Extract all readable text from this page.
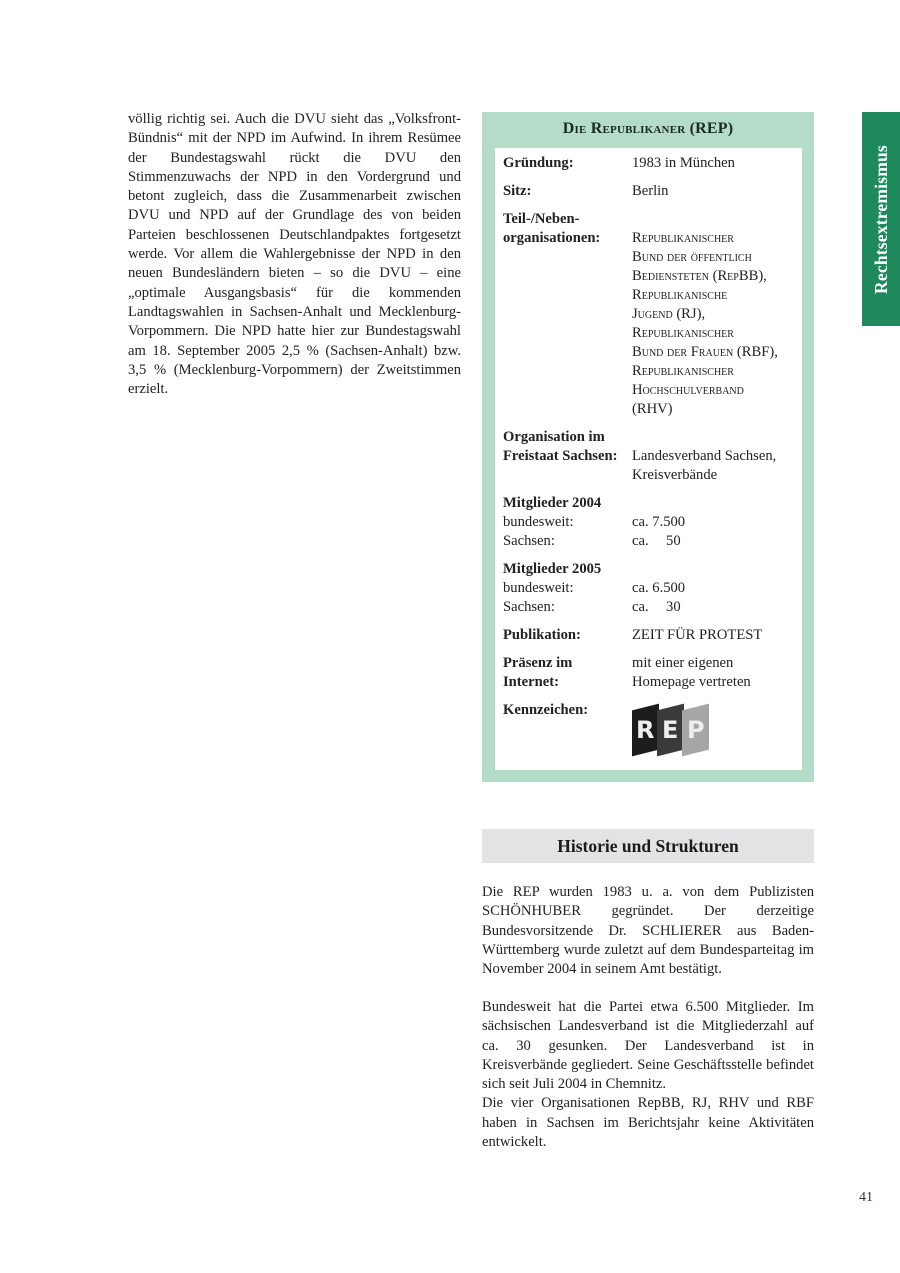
völlig richtig sei. Auch die DVU sieht das „Volksfront-Bündnis“ mit der NPD im Aufwind. In ihrem Resümee der Bundestagswahl rückt die DVU den Stimmenzuwachs der NPD in den Vordergrund und betont zugleich, dass die Zusammenarbeit zwischen DVU und NPD auf der Grundlage des von beiden Parteien beschlossenen Deutschlandpaktes fortgesetzt werde. Vor allem die Wahlergebnisse der NPD in den neuen Bundesländern bieten – so die DVU – eine „optimale Ausgangsbasis“ für die kommenden Landtagswahlen in Sachsen-Anhalt und Mecklenburg-Vorpommern. Die NPD hatte hier zur Bundestagswahl am 18. September 2005 2,5 % (Sachsen-Anhalt) bzw. 3,5 % (Mecklenburg-Vorpommern) der Zweitstimmen erzielt.

Die Republikaner (REP)
Gründung:	1983 in München
Sitz:	Berlin
Teil-/Neben-
organisationen:	Republikanischer
Bund der öffentlich
Bediensteten (RepBB),
Republikanische
Jugend (RJ),
Republikanischer
Bund der Frauen (RBF),
Republikanischer
Hochschulverband
(RHV)
Organisation im
Freistaat Sachsen: Landesverband Sachsen,
Kreisverbände
Mitglieder 2004
bundesweit:	ca. 7.500
Sachsen:	ca. 50
Mitglieder 2005
bundesweit:	ca. 6.500
Sachsen:	ca. 30
Publikation:	ZEIT FÜR PROTEST
Präsenz im
Internet:
mit einer eigenen
Homepage vertreten
Kennzeichen:
R E P
Historie und Strukturen

Die REP wurden 1983 u. a. von dem Publizisten SCHÖNHUBER gegründet. Der derzeitige Bundesvorsitzende Dr. SCHLIERER aus Baden-Württemberg wurde zuletzt auf dem Bundesparteitag im November 2004 in seinem Amt bestätigt.

Bundesweit hat die Partei etwa 6.500 Mitglieder. Im sächsischen Landesverband ist die Mitgliederzahl auf ca. 30 gesunken. Der Landesverband ist in Kreisverbände gegliedert. Seine Geschäftsstelle befindet sich seit Juli 2004 in Chemnitz.

Die vier Organisationen RepBB, RJ, RHV und RBF haben in Sachsen im Berichtsjahr keine Aktivitäten entwickelt.

Rechtsextremismus
41
